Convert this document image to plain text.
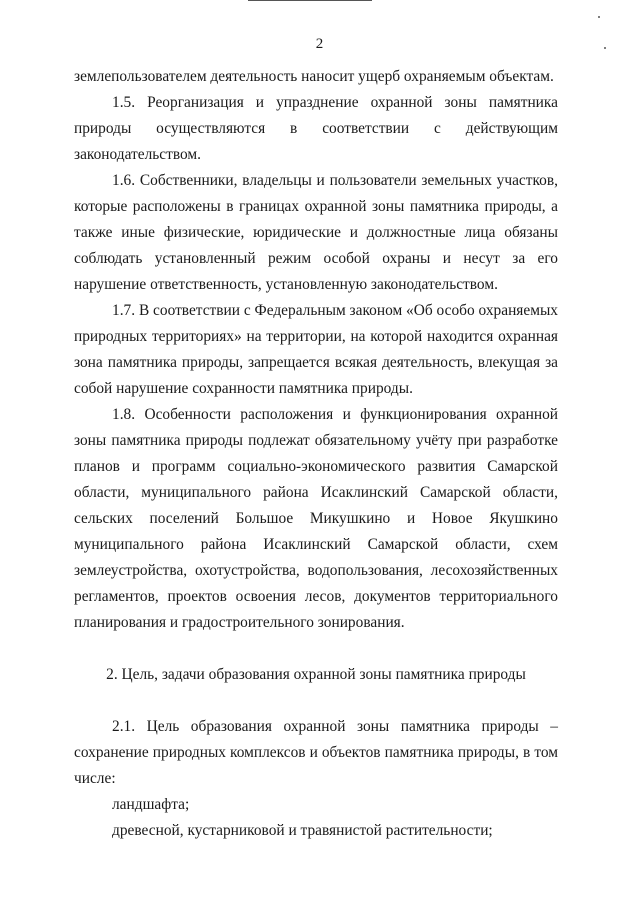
2

землепользователем деятельность наносит ущерб охраняемым объектам.

1.5. Реорганизация и упразднение охранной зоны памятника природы осуществляются в соответствии с действующим законодательством.

1.6. Собственники, владельцы и пользователи земельных участков, которые расположены в границах охранной зоны памятника природы, а также иные физические, юридические и должностные лица обязаны соблюдать установленный режим особой охраны и несут за его нарушение ответственность, установленную законодательством.

1.7. В соответствии с Федеральным законом «Об особо охраняемых природных территориях» на территории, на которой находится охранная зона памятника природы, запрещается всякая деятельность, влекущая за собой нарушение сохранности памятника природы.

1.8. Особенности расположения и функционирования охранной зоны памятника природы подлежат обязательному учёту при разработке планов и программ социально-экономического развития Самарской области, муниципального района Исаклинский Самарской области, сельских поселений Большое Микушкино и Новое Якушкино муниципального района Исаклинский Самарской области, схем землеустройства, охотустройства, водопользования, лесохозяйственных регламентов, проектов освоения лесов, документов территориального планирования и градостроительного зонирования.

2. Цель, задачи образования охранной зоны памятника природы

2.1. Цель образования охранной зоны памятника природы – сохранение природных комплексов и объектов памятника природы, в том числе:

ландшафта;

древесной, кустарниковой и травянистой растительности;
